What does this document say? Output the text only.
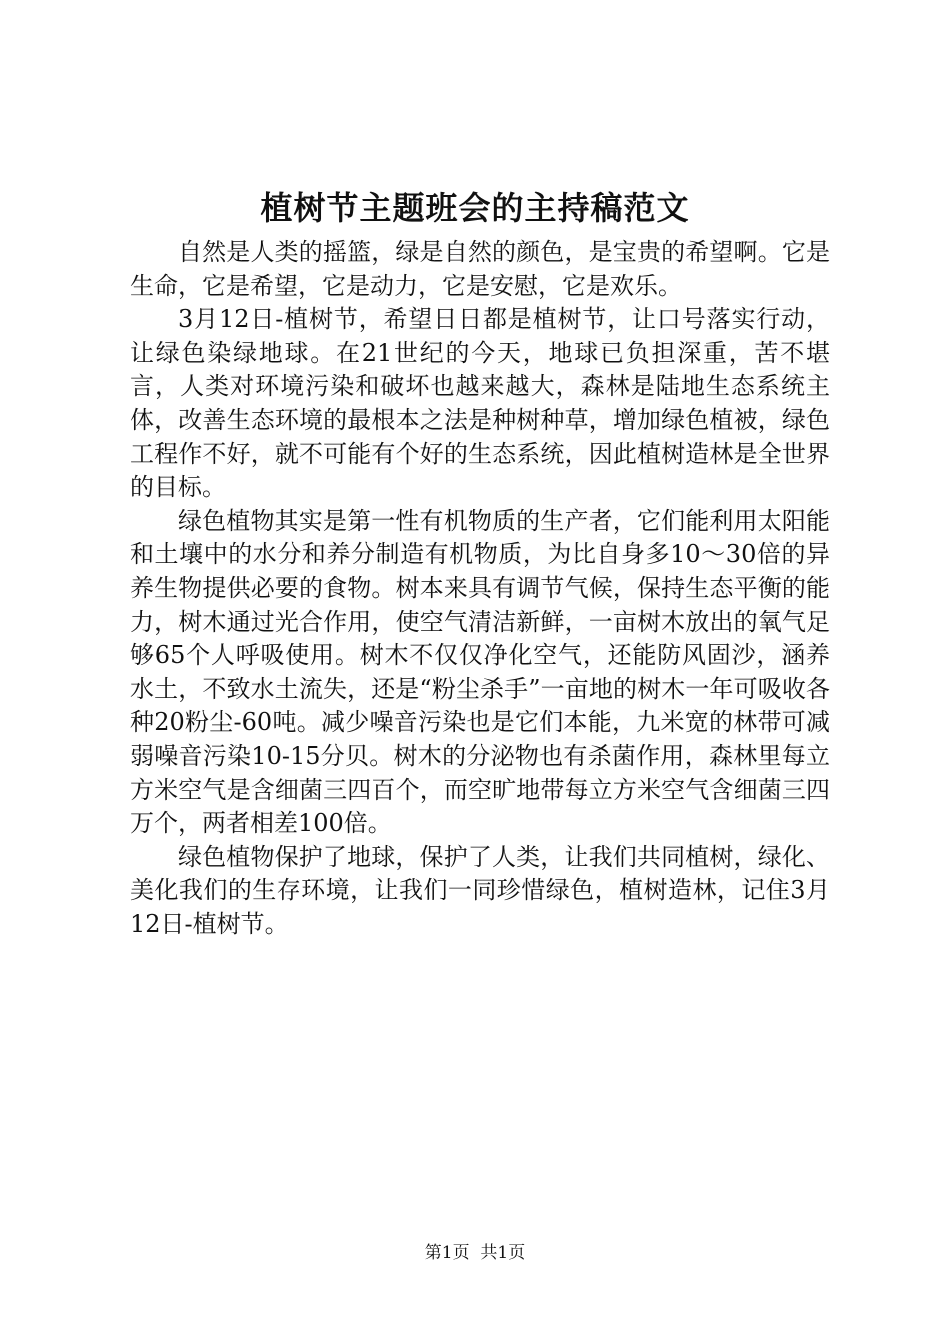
植树节主题班会的主持稿范文

自然是人类的摇篮，绿是自然的颜色，是宝贵的希望啊。它是生命，它是希望，它是动力，它是安慰，它是欢乐。

3月12日-植树节，希望日日都是植树节，让口号落实行动，让绿色染绿地球。在21世纪的今天，地球已负担深重，苦不堪言，人类对环境污染和破坏也越来越大，森林是陆地生态系统主体，改善生态环境的最根本之法是种树种草，增加绿色植被，绿色工程作不好，就不可能有个好的生态系统，因此植树造林是全世界的目标。

绿色植物其实是第一性有机物质的生产者，它们能利用太阳能和土壤中的水分和养分制造有机物质，为比自身多10～30倍的异养生物提供必要的食物。树本来具有调节气候，保持生态平衡的能力，树木通过光合作用，使空气清洁新鲜，一亩树木放出的氧气足够65个人呼吸使用。树木不仅仅净化空气，还能防风固沙，涵养水土，不致水土流失，还是“粉尘杀手”一亩地的树木一年可吸收各种20粉尘-60吨。减少噪音污染也是它们本能，九米宽的林带可减弱噪音污染10-15分贝。树木的分泌物也有杀菌作用，森林里每立方米空气是含细菌三四百个，而空旷地带每立方米空气含细菌三四万个，两者相差100倍。

绿色植物保护了地球，保护了人类，让我们共同植树，绿化、美化我们的生存环境，让我们一同珍惜绿色，植树造林，记住3月12日-植树节。

第1页  共1页
